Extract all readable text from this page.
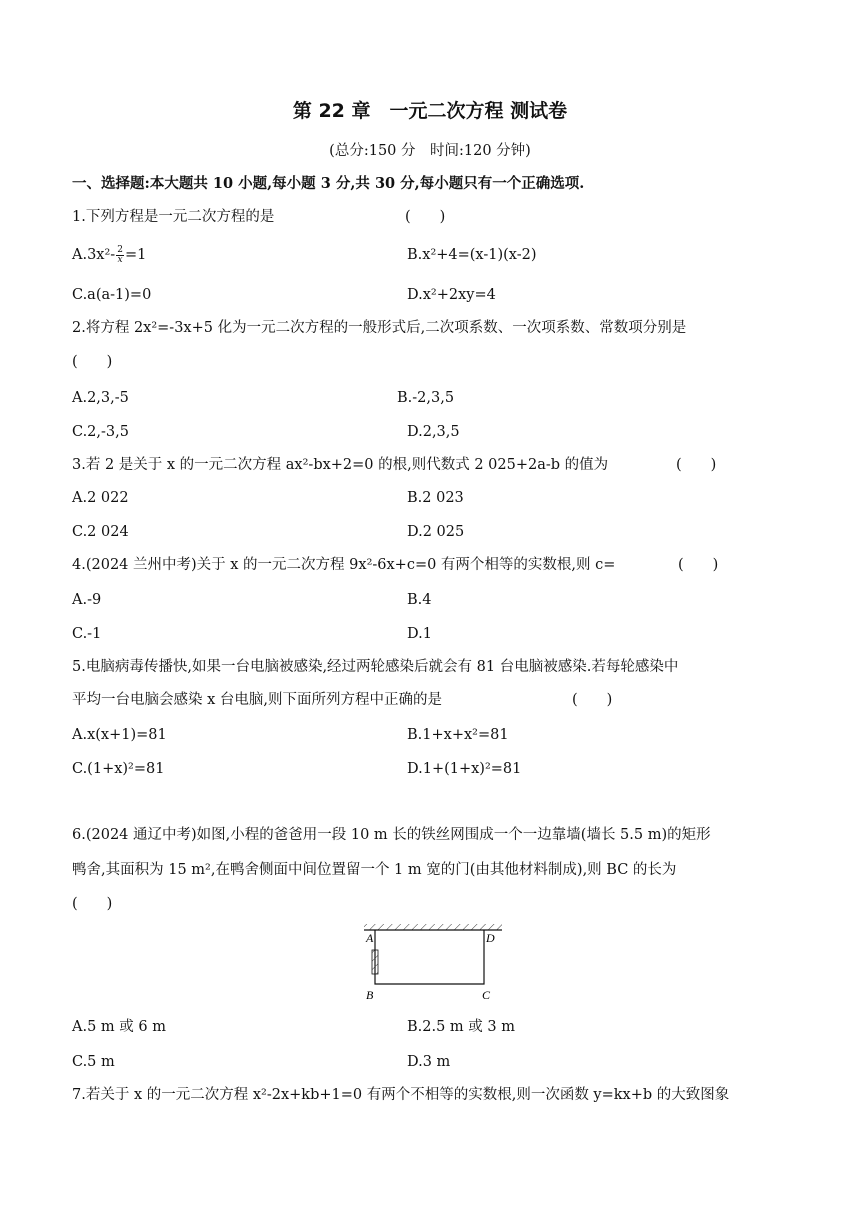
第 22 章　一元二次方程 测试卷
(总分:150 分　时间:120 分钟)
一、选择题:本大题共 10 小题,每小题 3 分,共 30 分,每小题只有一个正确选项.
1.下列方程是一元二次方程的是	(　　)
$A.3x^2- \frac{2}{x} =1$	B.x²+4=(x-1)(x-2)
C.a(a-1)=0	D.x²+2xy=4
2.将方程 2x²=-3x+5 化为一元二次方程的一般形式后,二次项系数、一次项系数、常数项分别是
(　　)
A.2,3,-5	B.-2,3,5
C.2,-3,5	D.2,3,5
3.若 2 是关于 x 的一元二次方程 ax²-bx+2=0 的根,则代数式 2 025+2a-b 的值为	(　　)
A.2 022	B.2 023
C.2 024	D.2 025
4.(2024 兰州中考)关于 x 的一元二次方程 9x²-6x+c=0 有两个相等的实数根,则 c=	(　　)
A.-9	B.4
C.-1	D.1
5.电脑病毒传播快,如果一台电脑被感染,经过两轮感染后就会有 81 台电脑被感染.若每轮感染中
平均一台电脑会感染 x 台电脑,则下面所列方程中正确的是	(　　)
A.x(x+1)=81	B.1+x+x²=81
C.(1+x)²=81	D.1+(1+x)²=81
6.(2024 通辽中考)如图,小程的爸爸用一段 10 m 长的铁丝网围成一个一边靠墙(墙长 5.5 m)的矩形
鸭舍,其面积为 15 m²,在鸭舍侧面中间位置留一个 1 m 宽的门(由其他材料制成),则 BC 的长为
(　　)
A
B	C
D
A.5 m 或 6 m	B.2.5 m 或 3 m
C.5 m	D.3 m
7.若关于 x 的一元二次方程 x²-2x+kb+1=0 有两个不相等的实数根,则一次函数 y=kx+b 的大致图象
